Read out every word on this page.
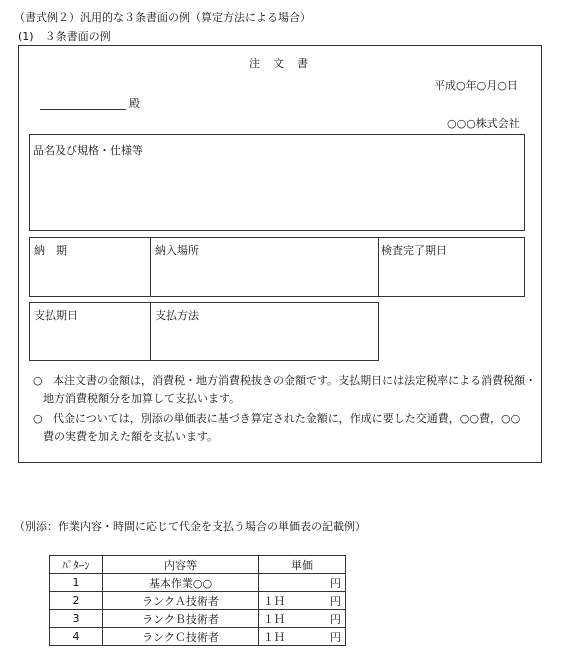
（書式例２）汎用的な３条書面の例（算定方法による場合）
(1)　３条書面の例
注　文　書
平成○年○月○日
殿
○○○株式会社
品名及び規格・仕様等
納　期	納入場所	検査完了期日
支払期日	支払方法
○ 本注文書の金額は，消費税・地方消費税抜きの金額です。支払期日には法定税率による消費税額・
地方消費税額分を加算して支払います。
○ 代金については，別添の単価表に基づき算定された金額に，作成に要した交通費，○○費，○○
費の実費を加えた額を支払います。
（別添：作業内容・時間に応じて代金を支払う場合の単価表の記載例）
ﾊﾟﾀｰﾝ	内容等	単価	
1	基本作業○○		円
2	ランクＡ技術者	１Ｈ	円
3	ランクＢ技術者	１Ｈ	円
4	ランクＣ技術者	１Ｈ	円
